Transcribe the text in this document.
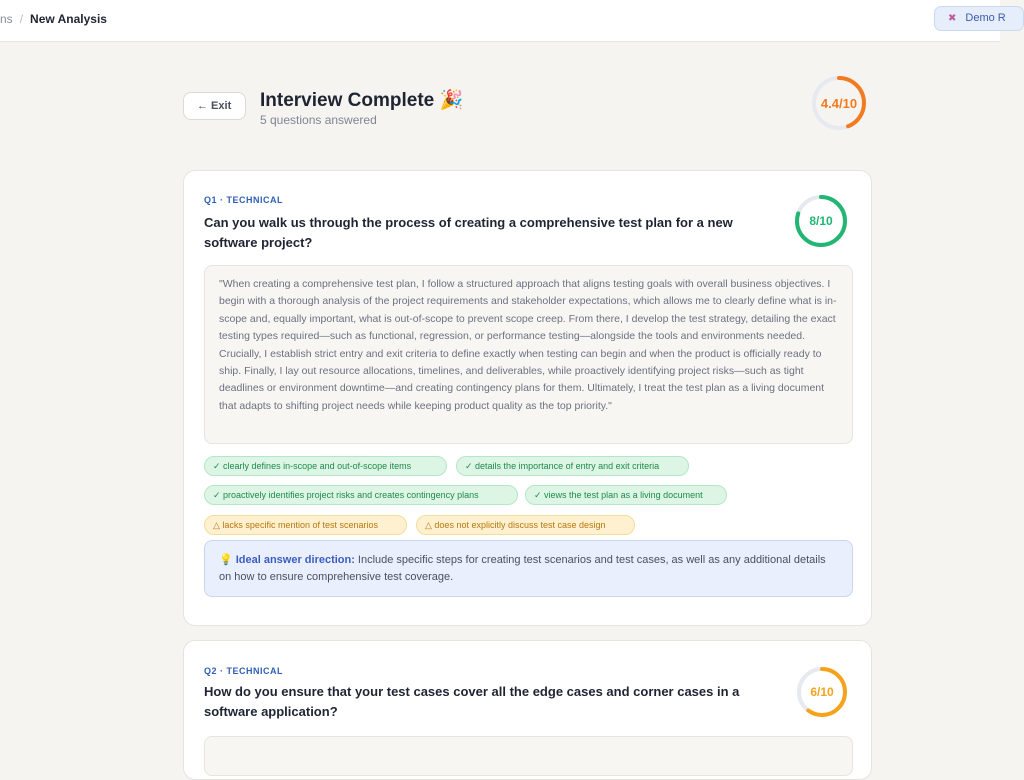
ns / New Analysis	✖ Demo R
← Exit	Interview Complete 🎉
5 questions answered
4.4/10
Q1 · TECHNICAL
Can you walk us through the process of creating a comprehensive test plan for a new software project?
8/10
"When creating a comprehensive test plan, I follow a structured approach that aligns testing goals with overall business objectives. I begin with a thorough analysis of the project requirements and stakeholder expectations, which allows me to clearly define what is in-scope and, equally important, what is out-of-scope to prevent scope creep. From there, I develop the test strategy, detailing the exact testing types required—such as functional, regression, or performance testing—alongside the tools and environments needed. Crucially, I establish strict entry and exit criteria to define exactly when testing can begin and when the product is officially ready to ship. Finally, I lay out resource allocations, timelines, and deliverables, while proactively identifying project risks—such as tight deadlines or environment downtime—and creating contingency plans for them. Ultimately, I treat the test plan as a living document that adapts to shifting project needs while keeping product quality as the top priority."
✓ clearly defines in-scope and out-of-scope items	✓ details the importance of entry and exit criteria
✓ proactively identifies project risks and creates contingency plans	✓ views the test plan as a living document
△ lacks specific mention of test scenarios	△ does not explicitly discuss test case design
💡 Ideal answer direction: Include specific steps for creating test scenarios and test cases, as well as any additional details on how to ensure comprehensive test coverage.
Q2 · TECHNICAL
How do you ensure that your test cases cover all the edge cases and corner cases in a software application?
6/10
